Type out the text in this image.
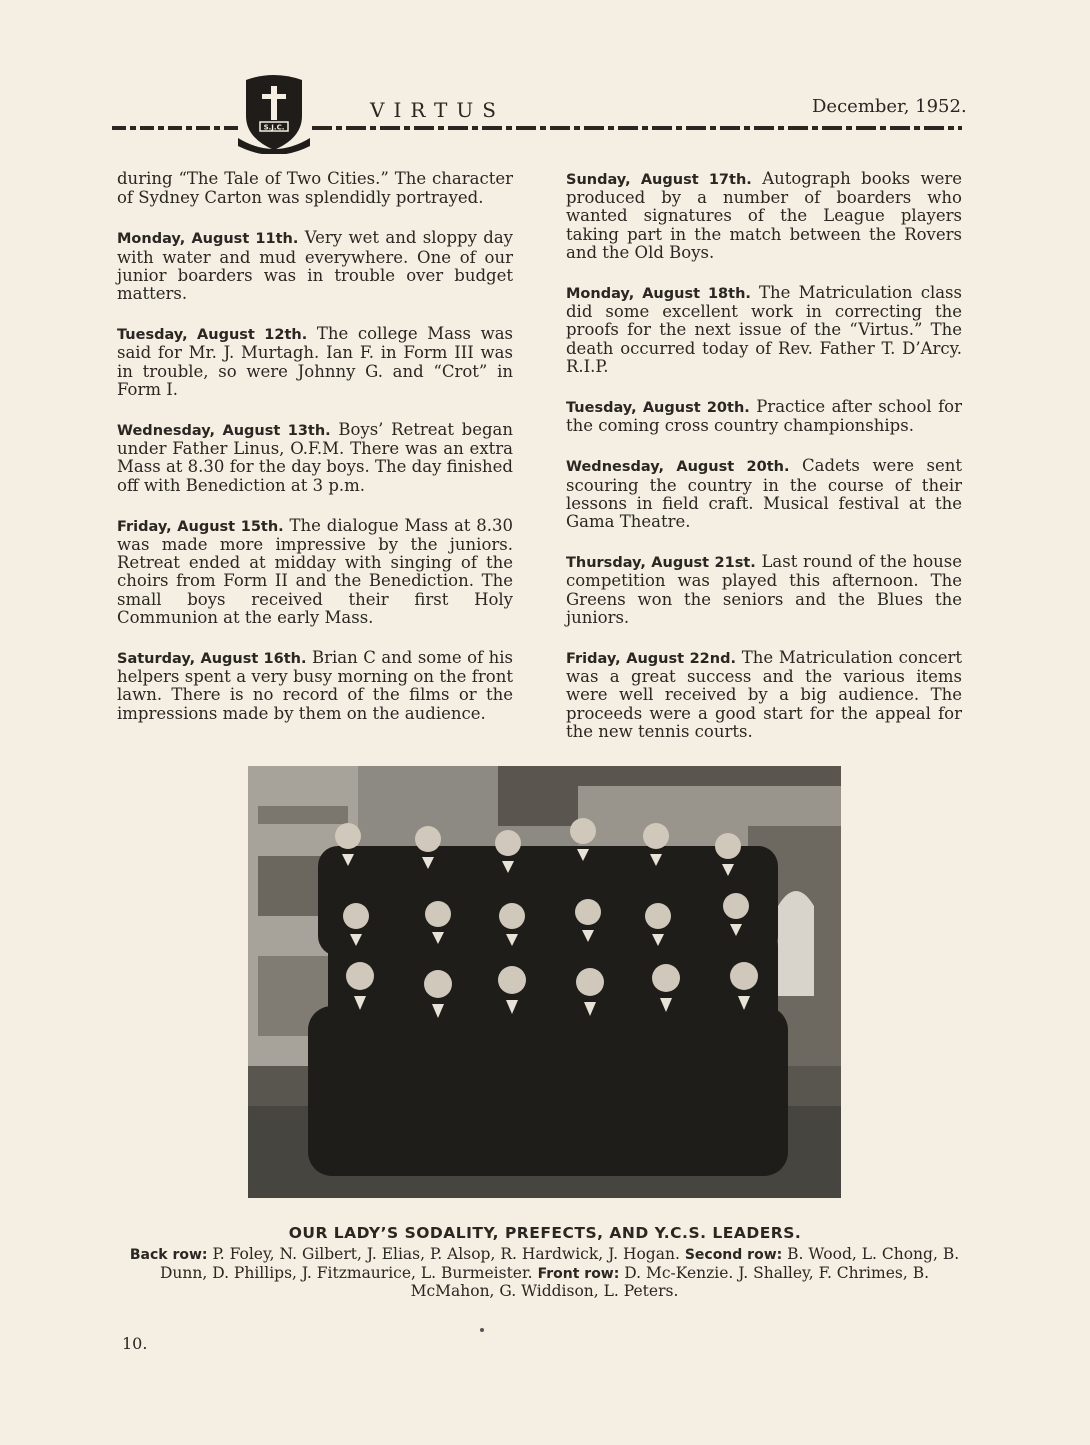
S.J.C.
VIRTUS	December, 1952.

during “The Tale of Two Cities.” The character of Sydney Carton was splendidly portrayed.

Monday, August 11th. Very wet and sloppy day with water and mud everywhere. One of our junior boarders was in trouble over budget matters.

Tuesday, August 12th. The college Mass was said for Mr. J. Murtagh. Ian F. in Form III was in trouble, so were Johnny G. and “Crot” in Form I.

Wednesday, August 13th. Boys’ Retreat began under Father Linus, O.F.M. There was an extra Mass at 8.30 for the day boys. The day finished off with Benediction at 3 p.m.

Friday, August 15th. The dialogue Mass at 8.30 was made more impressive by the juniors. Retreat ended at midday with singing of the choirs from Form II and the Benediction. The small boys received their first Holy Communion at the early Mass.

Saturday, August 16th. Brian C and some of his helpers spent a very busy morning on the front lawn. There is no record of the films or the impressions made by them on the audience.

Sunday, August 17th. Autograph books were produced by a number of boarders who wanted signatures of the League players taking part in the match between the Rovers and the Old Boys.

Monday, August 18th. The Matriculation class did some excellent work in correcting the proofs for the next issue of the “Virtus.” The death occurred today of Rev. Father T. D’Arcy. R.I.P.

Tuesday, August 20th. Practice after school for the coming cross country championships.

Wednesday, August 20th. Cadets were sent scouring the country in the course of their lessons in field craft. Musical festival at the Gama Theatre.

Thursday, August 21st. Last round of the house competition was played this afternoon. The Greens won the seniors and the Blues the juniors.

Friday, August 22nd. The Matriculation concert was a great success and the various items were well received by a big audience. The proceeds were a good start for the appeal for the new tennis courts.

OUR LADY’S SODALITY, PREFECTS, AND Y.C.S. LEADERS.
Back row: P. Foley, N. Gilbert, J. Elias, P. Alsop, R. Hardwick, J. Hogan. Second row: B. Wood, L. Chong, B. Dunn, D. Phillips, J. Fitzmaurice, L. Burmeister. Front row: D. Mc-Kenzie. J. Shalley, F. Chrimes, B. McMahon, G. Widdison, L. Peters.
10.
